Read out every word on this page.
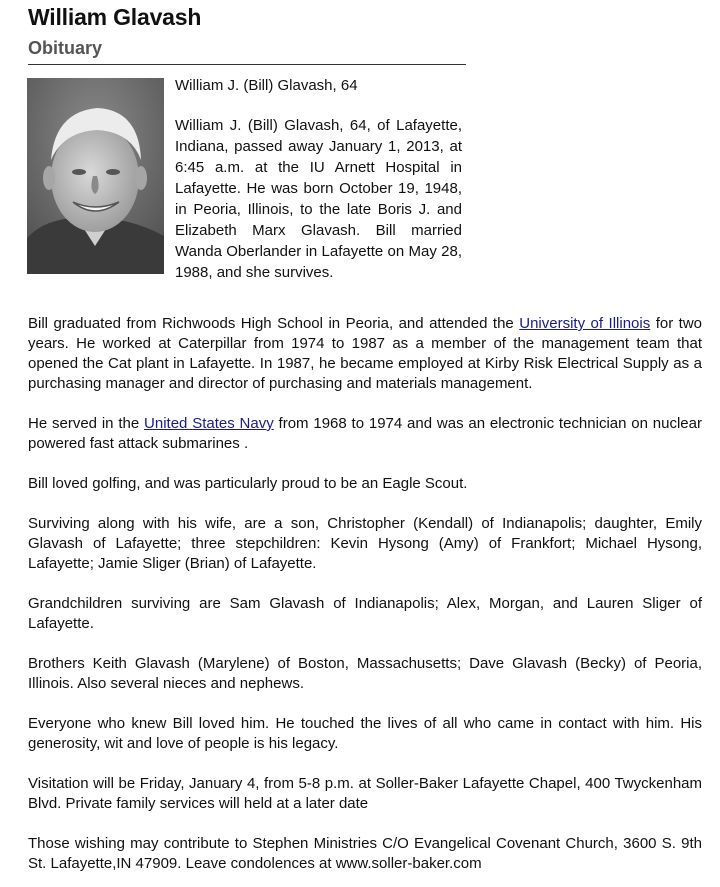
William Glavash
Obituary

William J. (Bill) Glavash, 64

William J. (Bill) Glavash, 64, of Lafayette, Indiana, passed away January 1, 2013, at 6:45 a.m. at the IU Arnett Hospital in Lafayette. He was born October 19, 1948, in Peoria, Illinois, to the late Boris J. and Elizabeth Marx Glavash. Bill married Wanda Oberlander in Lafayette on May 28, 1988, and she survives.

Bill graduated from Richwoods High School in Peoria, and attended the University of Illinois for two years. He worked at Caterpillar from 1974 to 1987 as a member of the management team that opened the Cat plant in Lafayette. In 1987, he became employed at Kirby Risk Electrical Supply as a purchasing manager and director of purchasing and materials management.

He served in the United States Navy from 1968 to 1974 and was an electronic technician on nuclear powered fast attack submarines .

Bill loved golfing, and was particularly proud to be an Eagle Scout.

Surviving along with his wife, are a son, Christopher (Kendall) of Indianapolis; daughter, Emily Glavash of Lafayette; three stepchildren: Kevin Hysong (Amy) of Frankfort; Michael Hysong, Lafayette; Jamie Sliger (Brian) of Lafayette.

Grandchildren surviving are Sam Glavash of Indianapolis; Alex, Morgan, and Lauren Sliger of Lafayette.

Brothers Keith Glavash (Marylene) of Boston, Massachusetts; Dave Glavash (Becky) of Peoria, Illinois. Also several nieces and nephews.

Everyone who knew Bill loved him. He touched the lives of all who came in contact with him. His generosity, wit and love of people is his legacy.

Visitation will be Friday, January 4, from 5-8 p.m. at Soller-Baker Lafayette Chapel, 400 Twyckenham Blvd. Private family services will held at a later date

Those wishing may contribute to Stephen Ministries C/O Evangelical Covenant Church, 3600 S. 9th St. Lafayette,IN 47909. Leave condolences at www.soller-baker.com
